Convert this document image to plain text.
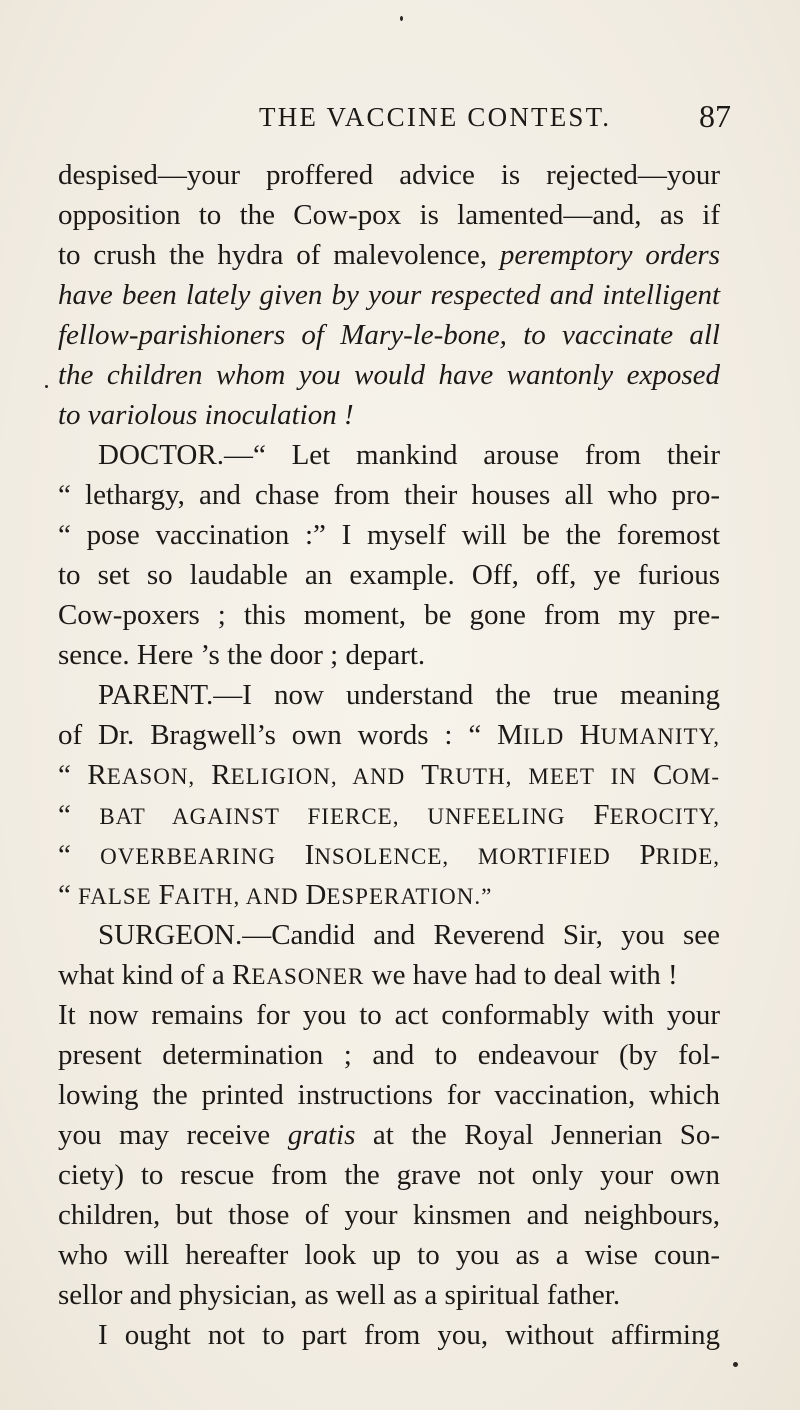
THE VACCINE CONTEST.	87
despised—your proffered advice is rejected—your
opposition to the Cow-pox is lamented—and, as if
to crush the hydra of malevolence, peremptory orders
have been lately given by your respected and intelligent
fellow-parishioners of Mary-le-bone, to vaccinate all
the children whom you would have wantonly exposed
to variolous inoculation !
DOCTOR.—“ Let mankind arouse from their
“ lethargy, and chase from their houses all who pro-
“ pose vaccination :” I myself will be the foremost
to set so laudable an example. Off, off, ye furious
Cow-poxers ; this moment, be gone from my pre-
sence. Here ’s the door ; depart.
PARENT.—I now understand the true meaning
of Dr. Bragwell’s own words : “ MILD HUMANITY,
“ REASON, RELIGION, AND TRUTH, MEET IN COM-
“ BAT AGAINST FIERCE, UNFEELING FEROCITY,
“ OVERBEARING INSOLENCE, MORTIFIED PRIDE,
“ FALSE FAITH, AND DESPERATION.”
SURGEON.—Candid and Reverend Sir, you see
what kind of a REASONER we have had to deal with !
It now remains for you to act conformably with your
present determination ; and to endeavour (by fol-
lowing the printed instructions for vaccination, which
you may receive gratis at the Royal Jennerian So-
ciety) to rescue from the grave not only your own
children, but those of your kinsmen and neighbours,
who will hereafter look up to you as a wise coun-
sellor and physician, as well as a spiritual father.
I ought not to part from you, without affirming
